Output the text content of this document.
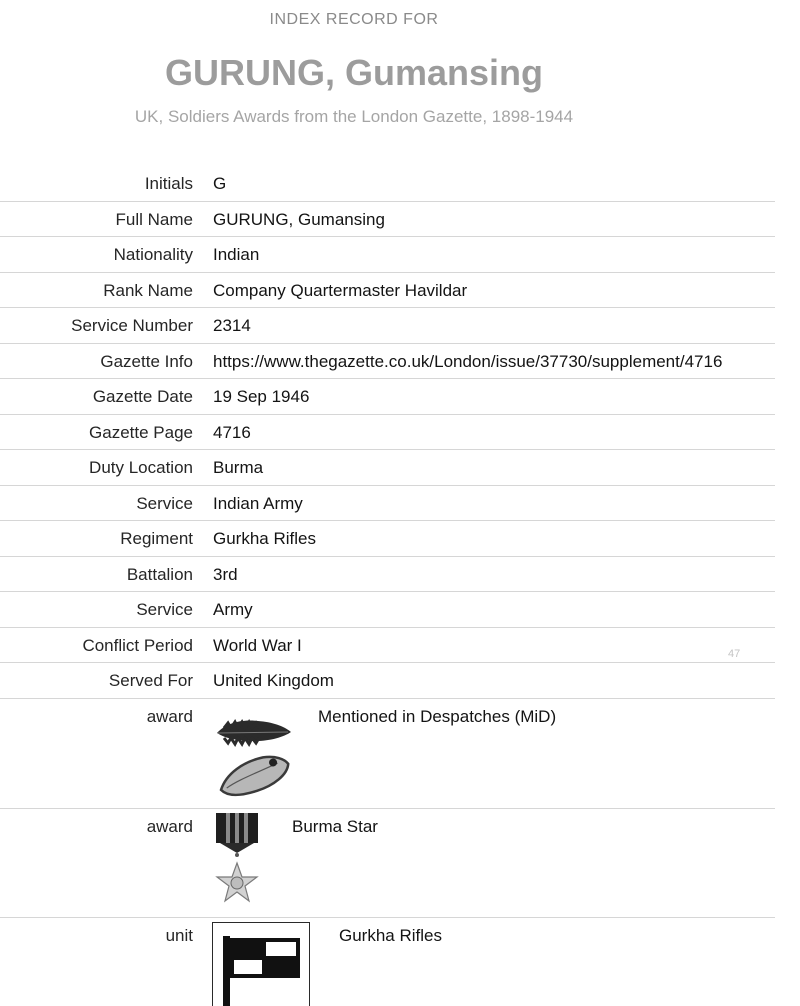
INDEX RECORD FOR
GURUNG, Gumansing
UK, Soldiers Awards from the London Gazette, 1898-1944
Initials G
Full Name GURUNG, Gumansing
Nationality Indian
Rank Name Company Quartermaster Havildar
Service Number 2314
Gazette Info https://www.thegazette.co.uk/London/issue/37730/supplement/4716
Gazette Date 19 Sep 1946
Gazette Page 4716
Duty Location Burma
Service Indian Army
Regiment Gurkha Rifles
Battalion 3rd
Service Army
Conflict Period World War I
Served For United Kingdom
award	Mentioned in Despatches (MiD)
award	Burma Star
unit	Gurkha Rifles
47
